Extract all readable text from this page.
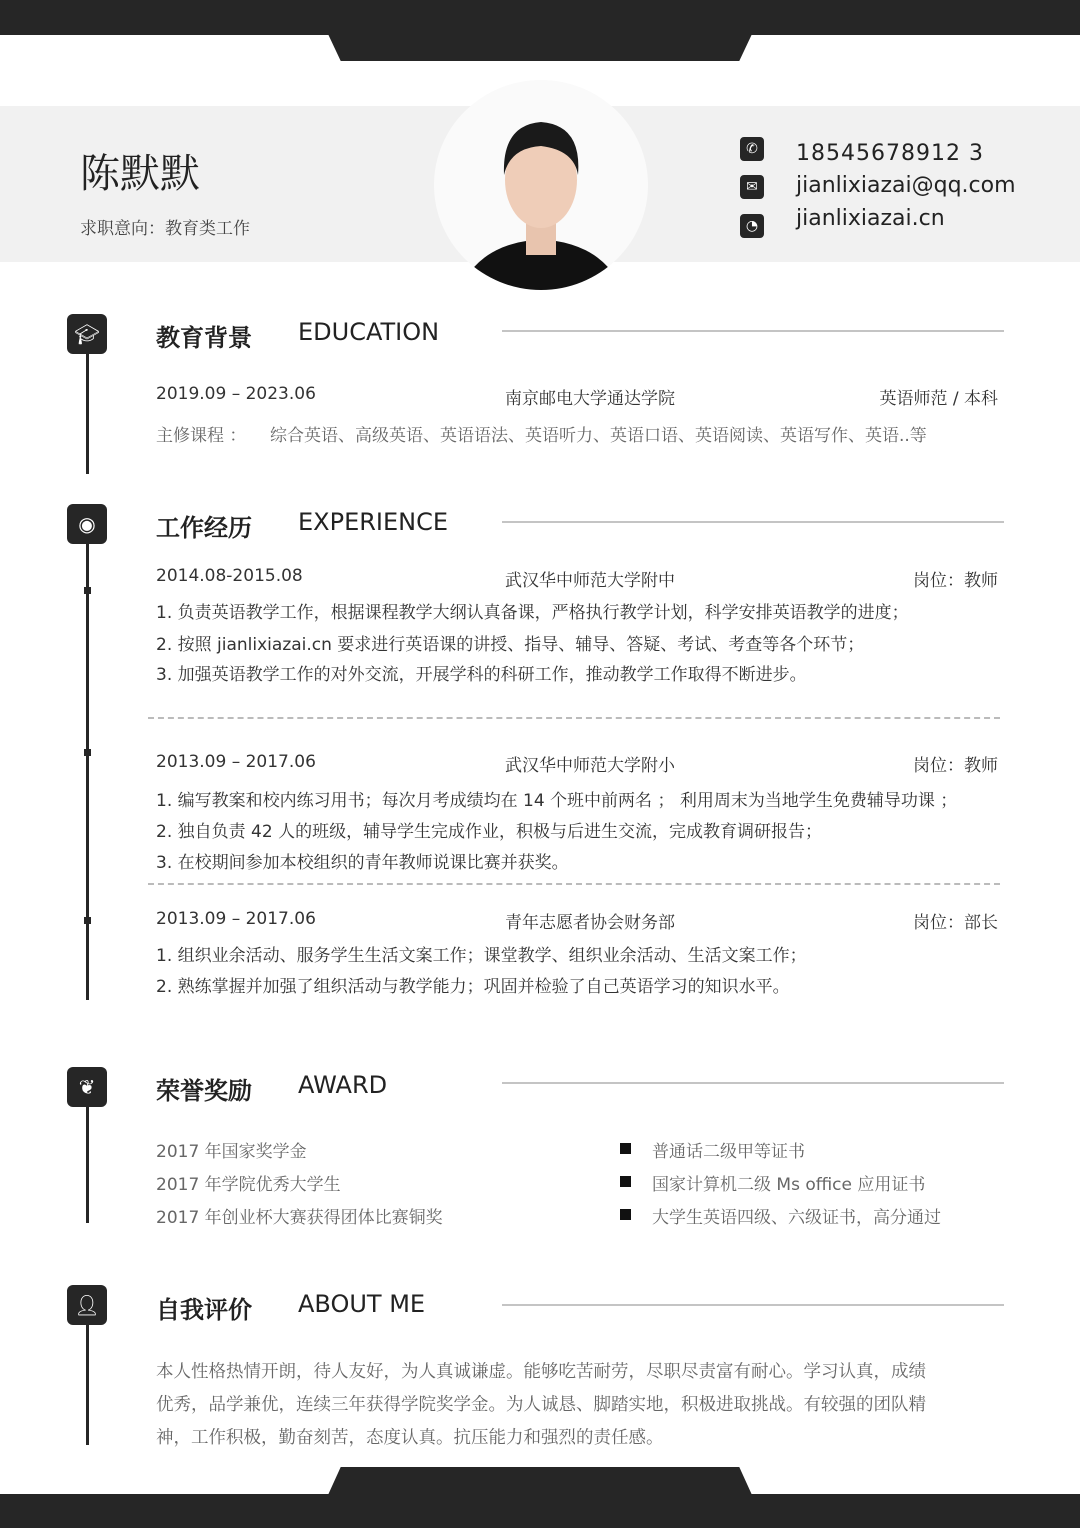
陈默默
求职意向：教育类工作
✆ 18545678912 3
✉ jianlixiazai@qq.com
◔ jianlixiazai.cn
🎓︎	教育背景 EDUCATION
2019.09 – 2023.06	南京邮电大学通达学院	英语师范 / 本科
主修课程 ： 综合英语、高级英语、英语语法、英语听力、英语口语、英语阅读、英语写作、英语..等
◉	工作经历 EXPERIENCE
2014.08-2015.08	武汉华中师范大学附中	岗位：教师
1. 负责英语教学工作，根据课程教学大纲认真备课，严格执行教学计划，科学安排英语教学的进度；
2. 按照 jianlixiazai.cn 要求进行英语课的讲授、指导、辅导、答疑、考试、考查等各个环节；
3. 加强英语教学工作的对外交流，开展学科的科研工作，推动教学工作取得不断进步。
2013.09 – 2017.06	武汉华中师范大学附小	岗位：教师
1. 编写教案和校内练习用书；每次月考成绩均在 14 个班中前两名 ； 利用周末为当地学生免费辅导功课 ；
2. 独自负责 42 人的班级，辅导学生完成作业，积极与后进生交流，完成教育调研报告；
3. 在校期间参加本校组织的青年教师说课比赛并获奖。
2013.09 – 2017.06	青年志愿者协会财务部	岗位：部长
1. 组织业余活动、服务学生生活文案工作；课堂教学、组织业余活动、生活文案工作；
2. 熟练掌握并加强了组织活动与教学能力；巩固并检验了自己英语学习的知识水平。
❦	荣誉奖励 AWARD
2017 年国家奖学金
2017 年学院优秀大学生
2017 年创业杯大赛获得团体比赛铜奖
普通话二级甲等证书
国家计算机二级 Ms office 应用证书
大学生英语四级、六级证书，高分通过
👤︎	自我评价 ABOUT ME
本人性格热情开朗，待人友好，为人真诚谦虚。能够吃苦耐劳，尽职尽责富有耐心。学习认真，成绩
优秀，品学兼优，连续三年获得学院奖学金。为人诚恳、脚踏实地，积极进取挑战。有较强的团队精
神，工作积极，勤奋刻苦，态度认真。抗压能力和强烈的责任感。
